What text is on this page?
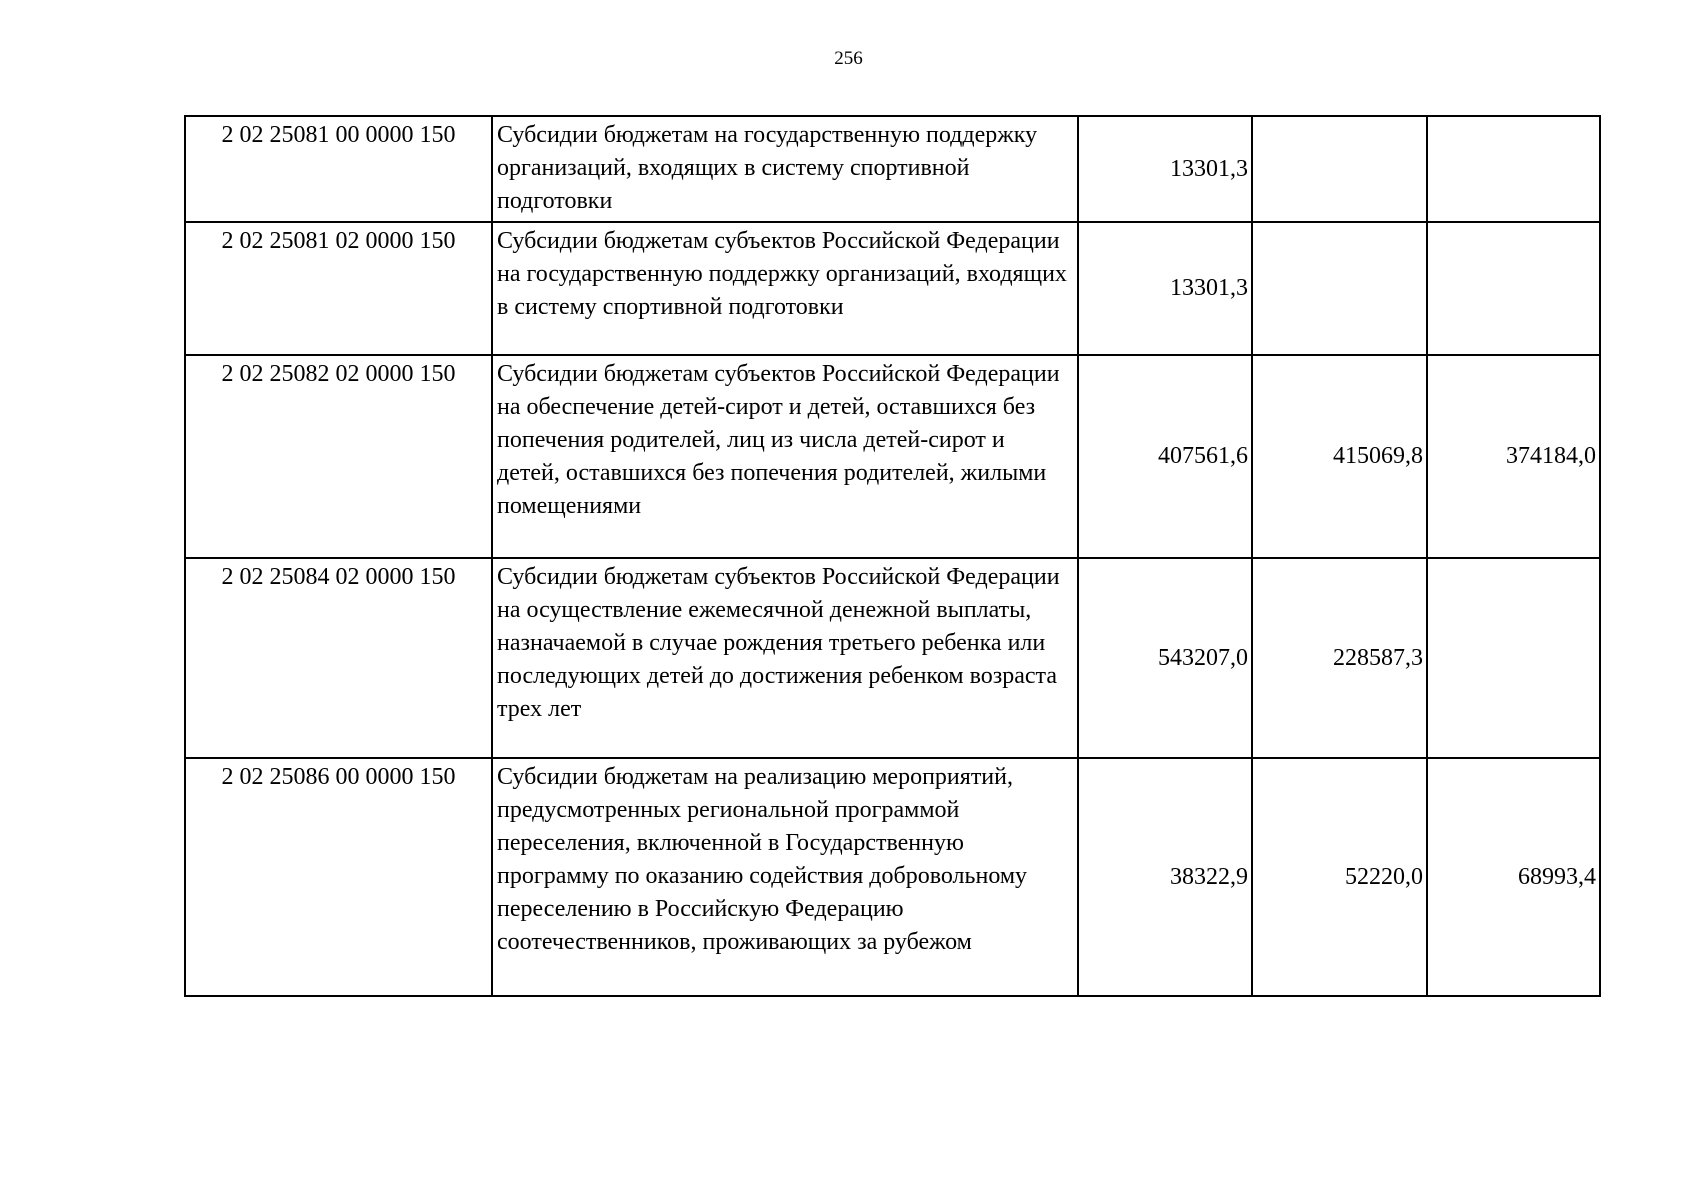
256
2 02 25081 00 0000 150	Субсидии бюджетам на государственную поддержку организаций, входящих в систему спортивной подготовки	13301,3		
2 02 25081 02 0000 150	Субсидии бюджетам субъектов Российской Федерации на государственную поддержку организаций, входящих в систему спортивной подготовки	13301,3		
2 02 25082 02 0000 150	Субсидии бюджетам субъектов Российской Федерации на обеспечение детей-сирот и детей, оставшихся без попечения родителей, лиц из числа детей-сирот и детей, оставшихся без попечения родителей, жилыми помещениями	407561,6	415069,8	374184,0
2 02 25084 02 0000 150	Субсидии бюджетам субъектов Российской Федерации на осуществление ежемесячной денежной выплаты, назначаемой в случае рождения третьего ребенка или последующих детей до достижения ребенком возраста трех лет	543207,0	228587,3	
2 02 25086 00 0000 150	Субсидии бюджетам на реализацию мероприятий, предусмотренных региональной программой переселения, включенной в Государственную программу по оказанию содействия добровольному переселению в Российскую Федерацию соотечественников, проживающих за рубежом	38322,9	52220,0	68993,4
